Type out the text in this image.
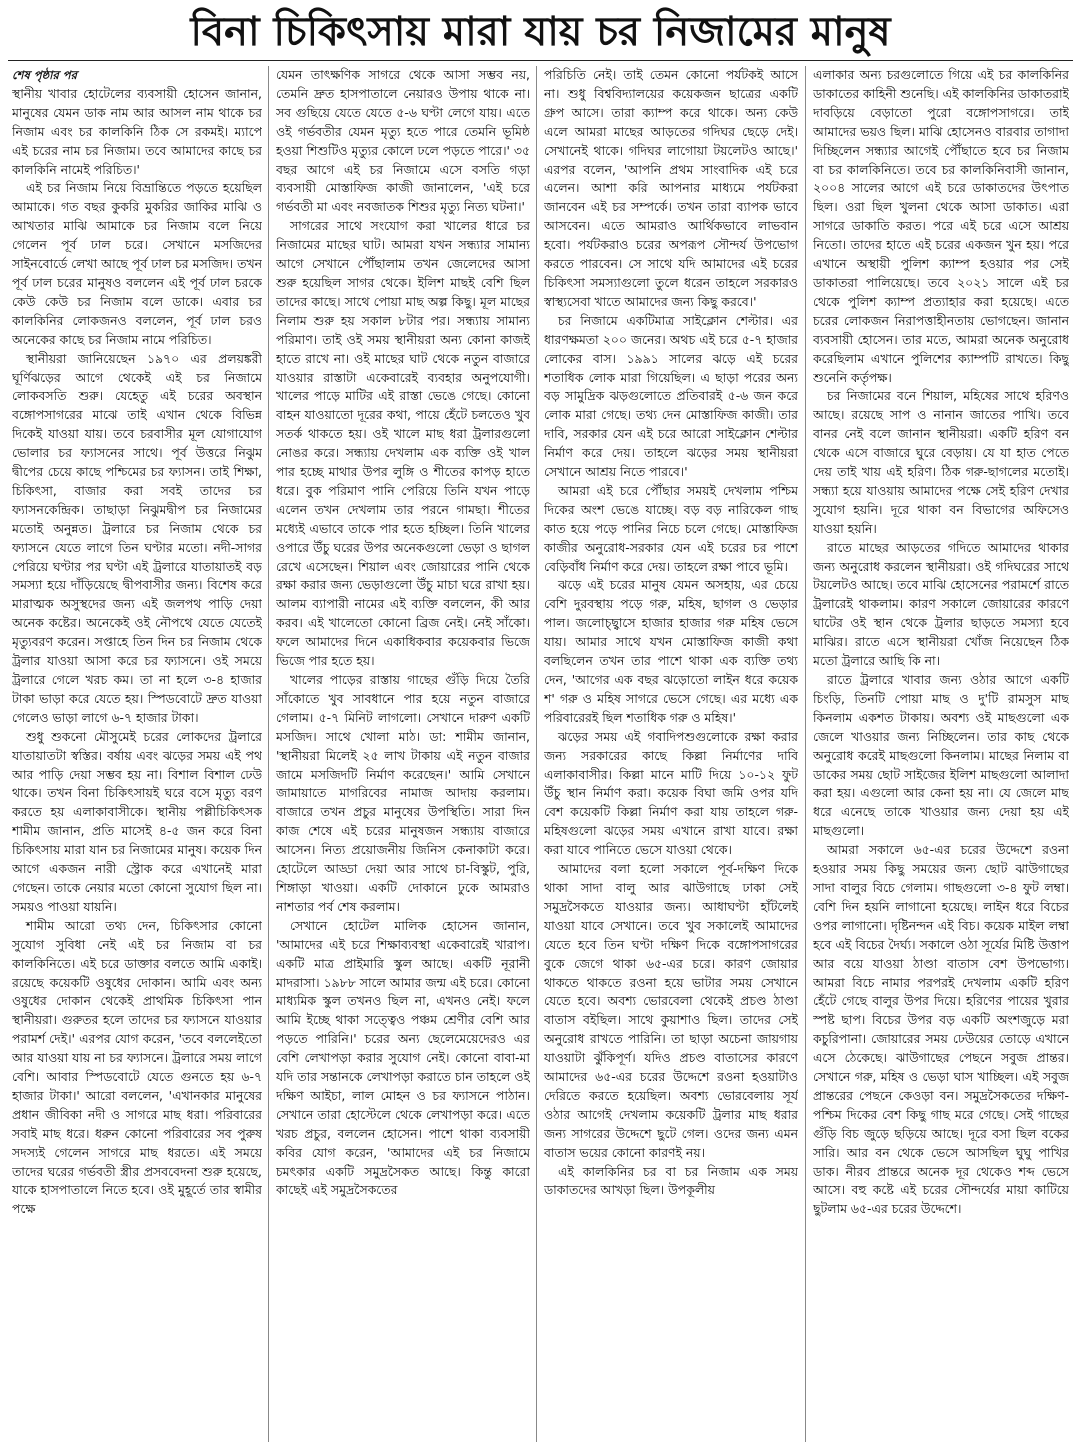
বিনা চিকিৎসায় মারা যায় চর নিজামের মানুষ

শেষ পৃষ্ঠার পর

স্থানীয় খাবার হোটেলের ব্যবসায়ী হোসেন জানান, মানুষের যেমন ডাক নাম আর আসল নাম থাকে চর নিজাম এবং চর কালকিনি ঠিক সে রকমই। ম্যাপে এই চরের নাম চর নিজাম। তবে আমাদের কাছে চর কালকিনি নামেই পরিচিত।'

এই চর নিজাম নিয়ে বিভ্রান্তিতে পড়তে হয়েছিল আমাকে। গত বছর কুকরি মুকরির জাকির মাঝি ও আখতার মাঝি আমাকে চর নিজাম বলে নিয়ে গেলেন পূর্ব ঢাল চরে। সেখানে মসজিদের সাইনবোর্ডে লেখা আছে পূর্ব ঢাল চর মসজিদ। তখন পূর্ব ঢাল চরের মানুষও বললেন এই পূর্ব ঢাল চরকে কেউ কেউ চর নিজাম বলে ডাকে। এবার চর কালকিনির লোকজনও বললেন, পূর্ব ঢাল চরও অনেকের কাছে চর নিজাম নামে পরিচিত।

স্থানীয়রা জানিয়েছেন ১৯৭০ এর প্রলয়ঙ্করী ঘূর্ণিঝড়ের আগে থেকেই এই চর নিজামে লোকবসতি শুরু। যেহেতু এই চরের অবস্থান বঙ্গোপসাগরের মাঝে তাই এখান থেকে বিভিন্ন দিকেই যাওয়া যায়। তবে চরবাসীর মূল যোগাযোগ ভোলার চর ফ্যাসনের সাথে। পূর্ব উত্তরে নিঝুম দ্বীপের চেয়ে কাছে পশ্চিমের চর ফ্যাসন। তাই শিক্ষা, চিকিৎসা, বাজার করা সবই তাদের চর ফ্যাসনকেন্দ্রিক। তাছাড়া নিঝুমদ্বীপ চর নিজামের মতোই অনুন্নত। ট্রলারে চর নিজাম থেকে চর ফ্যাসনে যেতে লাগে তিন ঘণ্টার মতো। নদী-সাগর পেরিয়ে ঘণ্টার পর ঘণ্টা এই ট্রলারে যাতায়াতই বড় সমস্যা হয়ে দাঁড়িয়েছে দ্বীপবাসীর জন্য। বিশেষ করে মারাত্মক অসুস্থদের জন্য এই জলপথ পাড়ি দেয়া অনেক কষ্টের। অনেকেই ওই নৌপথে যেতে যেতেই মৃত্যুবরণ করেন। সপ্তাহে তিন দিন চর নিজাম থেকে ট্রলার যাওয়া আসা করে চর ফ্যাসনে। ওই সময়ে ট্রলারে গেলে খরচ কম। তা না হলে ৩-৪ হাজার টাকা ভাড়া করে যেতে হয়। স্পিডবোটে দ্রুত যাওয়া গেলেও ভাড়া লাগে ৬-৭ হাজার টাকা।

শুধু শুকনো মৌসুমেই চরের লোকদের ট্রলারে যাতায়াতটা স্বস্তির। বর্ষায় এবং ঝড়ের সময় এই পথ আর পাড়ি দেয়া সম্ভব হয় না। বিশাল বিশাল ঢেউ থাকে। তখন বিনা চিকিৎসায়ই ঘরে বসে মৃত্যু বরণ করতে হয় এলাকাবাসীকে। স্থানীয় পল্লীচিকিৎসক শামীম জানান, প্রতি মাসেই ৪-৫ জন করে বিনা চিকিৎসায় মারা যান চর নিজামের মানুষ। কয়েক দিন আগে একজন নারী স্ট্রোক করে এখানেই মারা গেছেন। তাকে নেয়ার মতো কোনো সুযোগ ছিল না। সময়ও পাওয়া যায়নি।

শামীম আরো তথ্য দেন, চিকিৎসার কোনো সুযোগ সুবিধা নেই এই চর নিজাম বা চর কালকিনিতে। এই চরে ডাক্তার বলতে আমি একাই। রয়েছে কয়েকটি ওষুধের দোকান। আমি এবং অন্য ওষুধের দোকান থেকেই প্রাথমিক চিকিৎসা পান স্থানীয়রা। গুরুতর হলে তাদের চর ফ্যাসনে যাওয়ার পরামর্শ দেই।' এরপর যোগ করেন, 'তবে বললেইতো আর যাওয়া যায় না চর ফ্যাসনে। ট্রলারে সময় লাগে বেশি। আবার স্পিডবোটে যেতে গুনতে হয় ৬-৭ হাজার টাকা।' আরো বললেন, 'এখানকার মানুষের প্রধান জীবিকা নদী ও সাগরে মাছ ধরা। পরিবারের সবাই মাছ ধরে। ধরুন কোনো পরিবারের সব পুরুষ সদস্যই গেলেন সাগরে মাছ ধরতে। এই সময়ে তাদের ঘরের গর্ভবতী স্ত্রীর প্রসববেদনা শুরু হয়েছে, যাকে হাসপাতালে নিতে হবে। ওই মুহূর্তে তার স্বামীর পক্ষে

যেমন তাৎক্ষণিক সাগরে থেকে আসা সম্ভব নয়, তেমনি দ্রুত হাসপাতালে নেয়ারও উপায় থাকে না। সব গুছিয়ে যেতে যেতে ৫-৬ ঘণ্টা লেগে যায়। এতে ওই গর্ভবতীর যেমন মৃত্যু হতে পারে তেমনি ভূমিষ্ঠ হওয়া শিশুটিও মৃত্যুর কোলে ঢলে পড়তে পারে।' ৩৫ বছর আগে এই চর নিজামে এসে বসতি গড়া ব্যবসায়ী মোস্তাফিজ কাজী জানালেন, 'এই চরে গর্ভবতী মা এবং নবজাতক শিশুর মৃত্যু নিত্য ঘটনা।'

সাগরের সাথে সংযোগ করা খালের ধারে চর নিজামের মাছের ঘাট। আমরা যখন সন্ধ্যার সামান্য আগে সেখানে পৌঁছালাম তখন জেলেদের আসা শুরু হয়েছিল সাগর থেকে। ইলিশ মাছই বেশি ছিল তাদের কাছে। সাথে পোয়া মাছ অল্প কিছু। মূল মাছের নিলাম শুরু হয় সকাল ৮টার পর। সন্ধ্যায় সামান্য পরিমাণ। তাই ওই সময় স্থানীয়রা অন্য কোনা কাজই হাতে রাখে না। ওই মাছের ঘাট থেকে নতুন বাজারে যাওয়ার রাস্তাটা একেবারেই ব্যবহার অনুপযোগী। খালের পাড়ে মাটির এই রাস্তা ভেঙে গেছে। কোনো বাহন যাওয়াতো দূরের কথা, পায়ে হেঁটে চলতেও খুব সতর্ক থাকতে হয়। ওই খালে মাছ ধরা ট্রলারগুলো নোঙর করে। সন্ধ্যায় দেখলাম এক ব্যক্তি ওই খাল পার হচ্ছে মাথার উপর লুঙ্গি ও শীতের কাপড় হাতে ধরে। বুক পরিমাণ পানি পেরিয়ে তিনি যখন পাড়ে এলেন তখন দেখলাম তার পরনে গামছা। শীতের মধ্যেই এভাবে তাকে পার হতে হচ্ছিল। তিনি খালের ওপারে উঁচু ঘরের উপর অনেকগুলো ভেড়া ও ছাগল রেখে এসেছেন। শিয়াল এবং জোয়ারের পানি থেকে রক্ষা করার জন্য ভেড়াগুলো উঁচু মাচা ঘরে রাখা হয়। আলম ব্যাপারী নামের এই ব্যক্তি বললেন, কী আর করব। এই খালেতো কোনো ব্রিজ নেই। নেই সাঁকো। ফলে আমাদের দিনে একাধিকবার কয়েকবার ভিজে ভিজে পার হতে হয়।

খালের পাড়ের রাস্তায় গাছের গুঁড়ি দিয়ে তৈরি সাঁকোতে খুব সাবধানে পার হয়ে নতুন বাজারে গেলাম। ৫-৭ মিনিট লাগলো। সেখানে দারুণ একটি মসজিদ। সাথে খোলা মাঠ। ডা: শামীম জানান, 'স্থানীয়রা মিলেই ২৫ লাখ টাকায় এই নতুন বাজার জামে মসজিদটি নির্মাণ করেছেন।' আমি সেখানে জামায়াতে মাগরিবের নামাজ আদায় করলাম। বাজারে তখন প্রচুর মানুষের উপস্থিতি। সারা দিন কাজ শেষে এই চরের মানুষজন সন্ধ্যায় বাজারে আসেন। নিত্য প্রয়োজনীয় জিনিস কেনাকাটা করে। হোটেলে আড্ডা দেয়া আর সাথে চা-বিস্কুট, পুরি, শিঙ্গাড়া খাওয়া। একটি দোকানে ঢুকে আমরাও নাশতার পর্ব শেষ করলাম।

সেখানে হোটেল মালিক হোসেন জানান, 'আমাদের এই চরে শিক্ষাব্যবস্থা একেবারেই খারাপ। একটি মাত্র প্রাইমারি স্কুল আছে। একটি নূরানী মাদরাসা। ১৯৮৮ সালে আমার জন্ম এই চরে। কোনো মাধ্যমিক স্কুল তখনও ছিল না, এখনও নেই। ফলে আমি ইচ্ছে থাকা সত্ত্বেও পঞ্চম শ্রেণীর বেশি আর পড়তে পারিনি।' চরের অন্য ছেলেমেয়েদেরও এর বেশি লেখাপড়া করার সুযোগ নেই। কোনো বাবা-মা যদি তার সন্তানকে লেখাপড়া করাতে চান তাহলে ওই দক্ষিণ আইচা, লাল মোহন ও চর ফ্যাসনে পাঠান। সেখানে তারা হোস্টেলে থেকে লেখাপড়া করে। এতে খরচ প্রচুর, বললেন হোসেন। পাশে থাকা ব্যবসায়ী কবির যোগ করেন, 'আমাদের এই চর নিজামে চমৎকার একটি সমুদ্রসৈকত আছে। কিন্তু কারো কাছেই এই সমুদ্রসৈকতের

পরিচিতি নেই। তাই তেমন কোনো পর্যটকই আসে না। শুধু বিশ্ববিদ্যালয়ের কয়েকজন ছাত্রের একটি গ্রুপ আসে। তারা ক্যাম্প করে থাকে। অন্য কেউ এলে আমরা মাছের আড়তের গদিঘর ছেড়ে দেই। সেখানেই থাকে। গদিঘর লাগোয়া টয়লেটও আছে।' এরপর বলেন, 'আপনি প্রথম সাংবাদিক এই চরে এলেন। আশা করি আপনার মাধ্যমে পর্যটকরা জানবেন এই চর সম্পর্কে। তখন তারা ব্যাপক ভাবে আসবেন। এতে আমরাও আর্থিকভাবে লাভবান হবো। পর্যটকরাও চরের অপরূপ সৌন্দর্য উপভোগ করতে পারবেন। সে সাথে যদি আমাদের এই চরের চিকিৎসা সমস্যাগুলো তুলে ধরেন তাহলে সরকারও স্বাস্থ্যসেবা খাতে আমাদের জন্য কিছু করবে।'

চর নিজামে একটিমাত্র সাইক্লোন শেল্টার। এর ধারণক্ষমতা ২০০ জনের। অথচ এই চরে ৫-৭ হাজার লোকের বাস। ১৯৯১ সালের ঝড়ে এই চরের শতাধিক লোক মারা গিয়েছিল। এ ছাড়া পরের অন্য বড় সামুদ্রিক ঝড়গুলোতে প্রতিবারই ৫-৬ জন করে লোক মারা গেছে। তথ্য দেন মোস্তাফিজ কাজী। তার দাবি, সরকার যেন এই চরে আরো সাইক্লোন শেল্টার নির্মাণ করে দেয়। তাহলে ঝড়ের সময় স্থানীয়রা সেখানে আশ্রয় নিতে পারবে।'

আমরা এই চরে পৌঁছার সময়ই দেখলাম পশ্চিম দিকের অংশ ভেঙে যাচ্ছে। বড় বড় নারিকেল গাছ কাত হয়ে পড়ে পানির নিচে চলে গেছে। মোস্তাফিজ কাজীর অনুরোধ-সরকার যেন এই চরের চর পাশে বেড়িবাঁধ নির্মাণ করে দেয়। তাহলে রক্ষা পাবে ভূমি।

ঝড়ে এই চরের মানুষ যেমন অসহায়, এর চেয়ে বেশি দুরবস্থায় পড়ে গরু, মহিষ, ছাগল ও ভেড়ার পাল। জলোচ্ছ্বাসে হাজার হাজার গরু মহিষ ভেসে যায়। আমার সাথে যখন মোস্তাফিজ কাজী কথা বলছিলেন তখন তার পাশে থাকা এক ব্যক্তি তথ্য দেন, 'আগের এক বছর ঝড়োতো লাইন ধরে কয়েক শ' গরু ও মহিষ সাগরে ভেসে গেছে। এর মধ্যে এক পরিবারেরই ছিল শতাধিক গরু ও মহিষ।'

ঝড়ের সময় এই গবাদিপশুগুলোকে রক্ষা করার জন্য সরকারের কাছে কিল্লা নির্মাণের দাবি এলাকাবাসীর। কিল্লা মানে মাটি দিয়ে ১০-১২ ফুট উঁচু স্থান নির্মাণ করা। কয়েক বিঘা জমি ওপর যদি বেশ কয়েকটি কিল্লা নির্মাণ করা যায় তাহলে গরু-মহিষগুলো ঝড়ের সময় এখানে রাখা যাবে। রক্ষা করা যাবে পানিতে ভেসে যাওয়া থেকে।

আমাদের বলা হলো সকালে পূর্ব-দক্ষিণ দিকে থাকা সাদা বালু আর ঝাউগাছে ঢাকা সেই সমুদ্রসৈকতে যাওয়ার জন্য। আধাঘণ্টা হাঁটলেই যাওয়া যাবে সেখানে। তবে খুব সকালেই আমাদের যেতে হবে তিন ঘণ্টা দক্ষিণ দিকে বঙ্গোপসাগরের বুকে জেগে থাকা ৬৫-এর চরে। কারণ জোয়ার থাকতে থাকতে রওনা হয়ে ভাটার সময় সেখানে যেতে হবে। অবশ্য ভোরবেলা থেকেই প্রচণ্ড ঠাণ্ডা বাতাস বইছিল। সাথে কুয়াশাও ছিল। তাদের সেই অনুরোধ রাখতে পারিনি। তা ছাড়া অচেনা জায়গায় যাওয়াটা ঝুঁকিপূর্ণ। যদিও প্রচণ্ড বাতাসের কারণে আমাদের ৬৫-এর চরের উদ্দেশে রওনা হওয়াটাও দেরিতে করতে হয়েছিল। অবশ্য ভোরবেলায় সূর্য ওঠার আগেই দেখলাম কয়েকটি ট্রলার মাছ ধরার জন্য সাগরের উদ্দেশে ছুটে গেল। ওদের জন্য এমন বাতাস ভয়ের কোনো কারণই নয়।

এই কালকিনির চর বা চর নিজাম এক সময় ডাকাতদের আখড়া ছিল। উপকূলীয়

এলাকার অন্য চরগুলোতে গিয়ে এই চর কালকিনির ডাকাতের কাহিনী শুনেছি। এই কালকিনির ডাকাতরাই দাবড়িয়ে বেড়াতো পুরো বঙ্গোপসাগরে। তাই আমাদের ভয়ও ছিল। মাঝি হোসেনও বারবার তাগাদা দিচ্ছিলেন সন্ধ্যার আগেই পৌঁছাতে হবে চর নিজাম বা চর কালকিনিতে। তবে চর কালকিনিবাসী জানান, ২০০৪ সালের আগে এই চরে ডাকাতদের উৎপাত ছিল। ওরা ছিল খুলনা থেকে আসা ডাকাত। এরা সাগরে ডাকাতি করত। পরে এই চরে এসে আশ্রয় নিতো। তাদের হাতে এই চরের একজন খুন হয়। পরে এখানে অস্থায়ী পুলিশ ক্যাম্প হওয়ার পর সেই ডাকাতরা পালিয়েছে। তবে ২০২১ সালে এই চর থেকে পুলিশ ক্যাম্প প্রত্যাহার করা হয়েছে। এতে চরের লোকজন নিরাপত্তাহীনতায় ভোগছেন। জানান ব্যবসায়ী হোসেন। তার মতে, আমরা অনেক অনুরোধ করেছিলাম এখানে পুলিশের ক্যাম্পটি রাখতে। কিছু শুনেনি কর্তৃপক্ষ।

চর নিজামের বনে শিয়াল, মহিষের সাথে হরিণও আছে। রয়েছে সাপ ও নানান জাতের পাখি। তবে বানর নেই বলে জানান স্থানীয়রা। একটি হরিণ বন থেকে এসে বাজারে ঘুরে বেড়ায়। যে যা হাত পেতে দেয় তাই খায় এই হরিণ। ঠিক গরু-ছাগলের মতোই। সন্ধ্যা হয়ে যাওয়ায় আমাদের পক্ষে সেই হরিণ দেখার সুযোগ হয়নি। দূরে থাকা বন বিভাগের অফিসেও যাওয়া হয়নি।

রাতে মাছের আড়তের গদিতে আমাদের থাকার জন্য অনুরোধ করলেন স্থানীয়রা। ওই গদিঘরের সাথে টয়লেটও আছে। তবে মাঝি হোসেনের পরামর্শে রাতে ট্রলারেই থাকলাম। কারণ সকালে জোয়ারের কারণে ঘাটের ওই স্থান থেকে ট্রলার ছাড়তে সমস্যা হবে মাঝির। রাতে এসে স্থানীয়রা খোঁজ নিয়েছেন ঠিক মতো ট্রলারে আছি কি না।

রাতে ট্রলারে খাবার জন্য ওঠার আগে একটি চিংড়ি, তিনটি পোয়া মাছ ও দু'টি রামসুস মাছ কিনলাম একশত টাকায়। অবশ্য ওই মাছগুলো এক জেলে খাওয়ার জন্য নিচ্ছিলেন। তার কাছ থেকে অনুরোধ করেই মাছগুলো কিনলাম। মাছের নিলাম বা ডাকের সময় ছোট সাইজের ইলিশ মাছগুলো আলাদা করা হয়। এগুলো আর কেনা হয় না। যে জেলে মাছ ধরে এনেছে তাকে খাওয়ার জন্য দেয়া হয় এই মাছগুলো।

আমরা সকালে ৬৫-এর চরের উদ্দেশে রওনা হওয়ার সময় কিছু সময়ের জন্য ছোট ঝাউগাছের সাদা বালুর বিচে গেলাম। গাছগুলো ৩-৪ ফুট লম্বা। বেশি দিন হয়নি লাগানো হয়েছে। লাইন ধরে বিচের ওপর লাগানো। দৃষ্টিনন্দন এই বিচ। কয়েক মাইল লম্বা হবে এই বিচের দৈর্ঘ্য। সকালে ওঠা সূর্যের মিষ্টি উত্তাপ আর বয়ে যাওয়া ঠাণ্ডা বাতাস বেশ উপভোগ্য। আমরা বিচে নামার পরপরই দেখলাম একটি হরিণ হেঁটে গেছে বালুর উপর দিয়ে। হরিণের পায়ের খুরার স্পষ্ট ছাপ। বিচের উপর বড় একটি অংশজুড়ে মরা কচুরিপানা। জোয়ারের সময় ঢেউয়ের তোড়ে এখানে এসে ঠেকেছে। ঝাউগাছের পেছনে সবুজ প্রান্তর। সেখানে গরু, মহিষ ও ভেড়া ঘাস খাচ্ছিল। এই সবুজ প্রান্তরের পেছনে কেওড়া বন। সমুদ্রসৈকতের দক্ষিণ-পশ্চিম দিকের বেশ কিছু গাছ মরে গেছে। সেই গাছের গুঁড়ি বিচ জুড়ে ছড়িয়ে আছে। দূরে বসা ছিল বকের সারি। আর বন থেকে ভেসে আসছিল ঘুঘু পাখির ডাক। নীরব প্রান্তরে অনেক দূর থেকেও শব্দ ভেসে আসে। বহু কষ্টে এই চরের সৌন্দর্যের মায়া কাটিয়ে ছুটলাম ৬৫-এর চরের উদ্দেশে।
